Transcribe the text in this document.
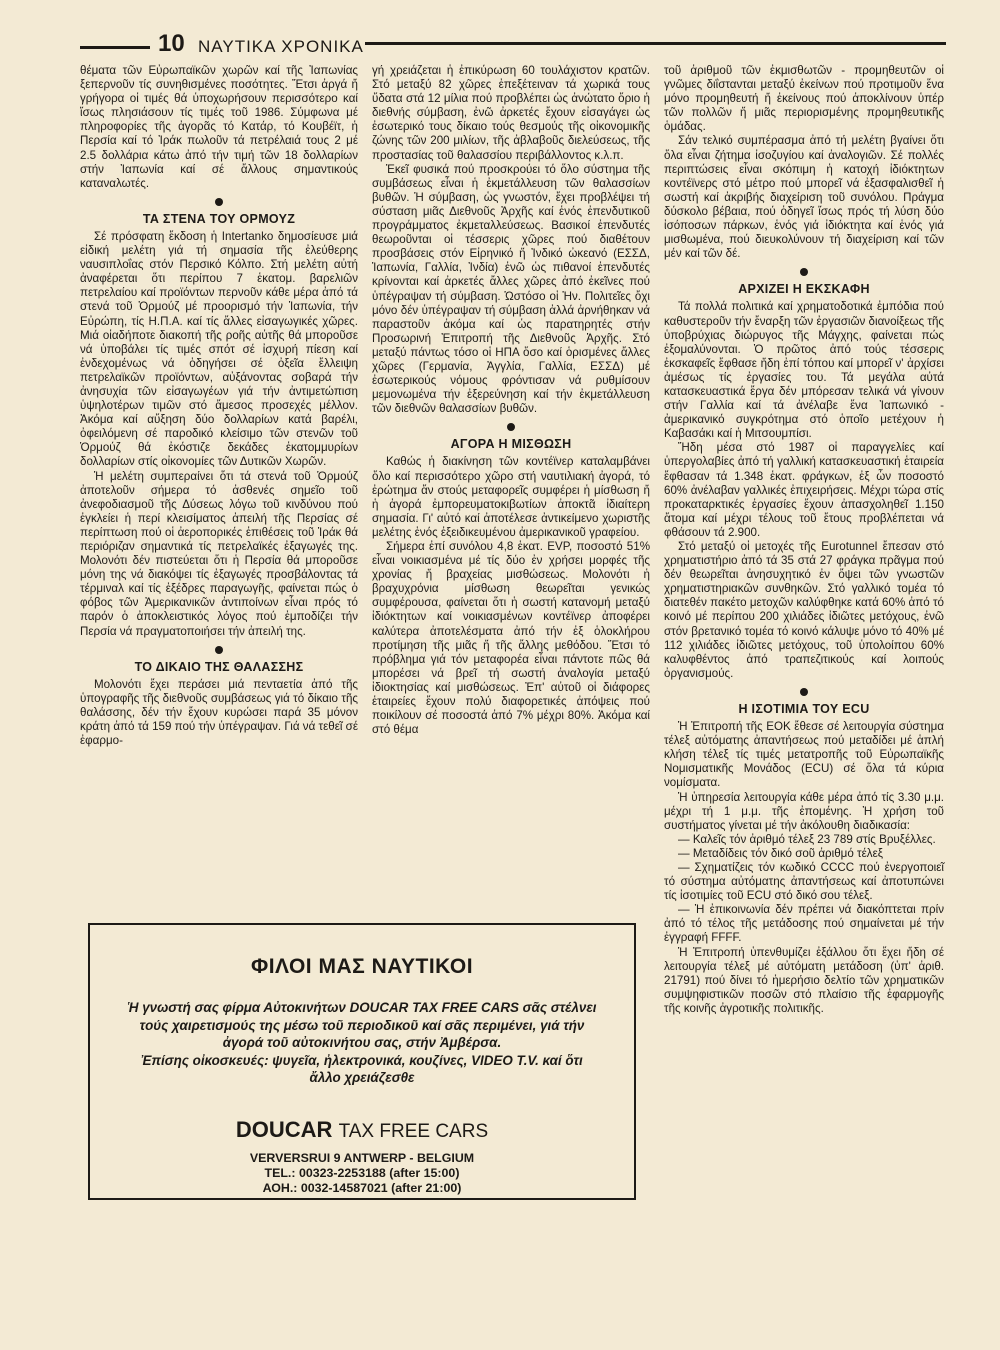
10 ΝΑΥΤΙΚΑ ΧΡΟΝΙΚΑ

θέματα τῶν Εὐρωπαϊκῶν χωρῶν καί τῆς Ἰαπωνίας ξεπερνοῦν τίς συνηθισμένες ποσότητες. Ἔτσι ἀργά ἤ γρήγορα οἱ τιμές θά ὑποχωρήσουν περισσότερο καί ἴσως πλησιάσουν τίς τιμές τοῦ 1986. Σύμφωνα μέ πληροφορίες τῆς ἀγορᾶς τό Κατάρ, τό Κουβέϊτ, ἡ Περσία καί τό Ἰράκ πωλοῦν τά πετρέλαιά τους 2 μέ 2.5 δολλάρια κάτω ἀπό τήν τιμή τῶν 18 δολλαρίων στήν Ἰαπωνία καί σέ ἄλλους σημαντικούς καταναλωτές.

ΤΑ ΣΤΕΝΑ ΤΟΥ ΟΡΜΟΥΖ

Σέ πρόσφατη ἔκδοση ἡ Intertanko δημοσίευσε μιά εἰδική μελέτη γιά τή σημασία τῆς ἐλεύθερης ναυσιπλοΐας στόν Περσικό Κόλπο. Στή μελέτη αὐτή ἀναφέρεται ὅτι περίπου 7 ἑκατομ. βαρελιῶν πετρελαίου καί προϊόντων περνοῦν κάθε μέρα ἀπό τά στενά τοῦ Ὁρμούζ μέ προορισμό τήν Ἰαπωνία, τήν Εὐρώπη, τίς Η.Π.Α. καί τίς ἄλλες εἰσαγωγικές χῶρες. Μιά οἱαδήποτε διακοπή τῆς ροῆς αὐτῆς θά μποροῦσε νά ὑποβάλει τίς τιμές σπότ σέ ἰσχυρή πίεση καί ἐνδεχομένως νά ὁδηγήσει σέ ὀξεῖα ἔλλειψη πετρελαϊκῶν προϊόντων, αὐξάνοντας σοβαρά τήν ἀνησυχία τῶν εἰσαγωγέων γιά τήν ἀντιμετώπιση ὑψηλοτέρων τιμῶν στό ἄμεσος προσεχές μέλλον. Ἀκόμα καί αὔξηση δύο δολλαρίων κατά βαρέλι, ὀφειλόμενη σέ παροδικό κλείσιμο τῶν στενῶν τοῦ Ὁρμούζ θά ἐκόστιζε δεκάδες ἑκατομμυρίων δολλαρίων στίς οἰκονομίες τῶν Δυτικῶν Χωρῶν.

Ἡ μελέτη συμπεραίνει ὅτι τά στενά τοῦ Ὁρμούζ ἀποτελοῦν σήμερα τό ἀσθενές σημεῖο τοῦ ἀνεφοδιασμοῦ τῆς Δύσεως λόγω τοῦ κινδύνου πού ἐγκλείει ἡ περί κλεισίματος ἀπειλή τῆς Περσίας σέ περίπτωση πού οἱ ἀεροπορικές ἐπιθέσεις τοῦ Ἰράκ θά περιόριζαν σημαντικά τίς πετρελαϊκές ἐξαγωγές της. Μολονότι δέν πιστεύεται ὅτι ἡ Περσία θά μποροῦσε μόνη της νά διακόψει τίς ἐξαγωγές προσβάλοντας τά τέρμιναλ καί τίς ἐξέδρες παραγωγῆς, φαίνεται πώς ὁ φόβος τῶν Ἀμερικανικῶν ἀντιποίνων εἶναι πρός τό παρόν ὁ ἀποκλειστικός λόγος πού ἐμποδίζει τήν Περσία νά πραγματοποιήσει τήν ἀπειλή της.

ΤΟ ΔΙΚΑΙΟ ΤΗΣ ΘΑΛΑΣΣΗΣ

Μολονότι ἔχει περάσει μιά πενταετία ἀπό τῆς ὑπογραφῆς τῆς διεθνοῦς συμβάσεως γιά τό δίκαιο τῆς θαλάσσης, δέν τήν ἔχουν κυρώσει παρά 35 μόνον κράτη ἀπό τά 159 πού τήν ὑπέγραψαν. Γιά νά τεθεῖ σέ ἐφαρμο-

γή χρειάζεται ἡ ἐπικύρωση 60 τουλάχιστον κρατῶν. Στό μεταξύ 82 χῶρες ἐπεξέτειναν τά χωρικά τους ὕδατα στά 12 μίλια πού προβλέπει ὡς ἀνώτατο ὅριο ἡ διεθνής σύμβαση, ἐνῶ ἀρκετές ἔχουν εἰσαγάγει ὡς ἐσωτερικό τους δίκαιο τούς θεσμούς τῆς οἰκονομικῆς ζώνης τῶν 200 μιλίων, τῆς ἀβλαβοῦς διελεύσεως, τῆς προστασίας τοῦ θαλασσίου περιβάλλοντος κ.λ.π.

Ἐκεῖ φυσικά πού προσκρούει τό ὅλο σύστημα τῆς συμβάσεως εἶναι ἡ ἐκμετάλλευση τῶν θαλασσίων βυθῶν. Ἡ σύμβαση, ὡς γνωστόν, ἔχει προβλέψει τή σύσταση μιᾶς Διεθνοῦς Ἀρχῆς καί ἑνός ἐπενδυτικοῦ προγράμματος ἐκμεταλλεύσεως. Βασικοί ἐπενδυτές θεωροῦνται οἱ τέσσερις χῶρες πού διαθέτουν προσβάσεις στόν Εἰρηνικό ἤ Ἰνδικό ὠκεανό (ΕΣΣΔ, Ἰαπωνία, Γαλλία, Ἰνδία) ἐνῶ ὡς πιθανοί ἐπενδυτές κρίνονται καί ἀρκετές ἄλλες χῶρες ἀπό ἐκεῖνες πού ὑπέγραψαν τή σύμβαση. Ὡστόσο οἱ Ἡν. Πολιτεῖες ὄχι μόνο δέν ὑπέγραψαν τή σύμβαση ἀλλά ἀρνήθηκαν νά παραστοῦν ἀκόμα καί ὡς παρατηρητές στήν Προσωρινή Ἐπιτροπή τῆς Διεθνοῦς Ἀρχῆς. Στό μεταξύ πάντως τόσο οἱ ΗΠΑ ὅσο καί ὁρισμένες ἄλλες χῶρες (Γερμανία, Ἀγγλία, Γαλλία, ΕΣΣΔ) μέ ἐσωτερικούς νόμους φρόντισαν νά ρυθμίσουν μεμονωμένα τήν ἐξερεύνηση καί τήν ἐκμετάλλευση τῶν διεθνῶν θαλασσίων βυθῶν.

ΑΓΟΡΑ Η ΜΙΣΘΩΣΗ

Καθώς ἡ διακίνηση τῶν κοντέϊνερ καταλαμβάνει ὅλο καί περισσότερο χῶρο στή ναυτιλιακή ἀγορά, τό ἐρώτημα ἄν στούς μεταφορεῖς συμφέρει ἡ μίσθωση ἤ ἡ ἀγορά ἐμπορευματοκιβωτίων ἀποκτᾶ ἰδιαίτερη σημασία. Γι' αὐτό καί ἀποτέλεσε ἀντικείμενο χωριστῆς μελέτης ἑνός ἐξειδικευμένου ἀμερικανικοῦ γραφείου.

Σήμερα ἐπί συνόλου 4,8 ἑκατ. EVP, ποσοστό 51% εἶναι νοικιασμένα μέ τίς δύο ἐν χρήσει μορφές τῆς χρονίας ἤ βραχείας μισθώσεως. Μολονότι ἡ βραχυχρόνια μίσθωση θεωρεῖται γενικώς συμφέρουσα, φαίνεται ὅτι ἡ σωστή κατανομή μεταξύ ἰδιόκτητων καί νοικιασμένων κοντέϊνερ ἀποφέρει καλύτερα ἀποτελέσματα ἀπό τήν ἐξ ὁλοκλήρου προτίμηση τῆς μιᾶς ἤ τῆς ἄλλης μεθόδου. Ἔτσι τό πρόβλημα γιά τόν μεταφορέα εἶναι πάντοτε πῶς θά μπορέσει νά βρεῖ τή σωστή ἀναλογία μεταξύ ἰδιοκτησίας καί μισθώσεως. Ἐπ' αὐτοῦ οἱ διάφορες ἑταιρείες ἔχουν πολύ διαφορετικές ἀπόψεις πού ποικίλουν σέ ποσοστά ἀπό 7% μέχρι 80%. Ἀκόμα καί στό θέμα

τοῦ ἀριθμοῦ τῶν ἐκμισθωτῶν - προμηθευτῶν οἱ γνῶμες διΐστανται μεταξύ ἐκείνων πού προτιμοῦν ἕνα μόνο προμηθευτή ἤ ἐκείνους πού ἀποκλίνουν ὑπέρ τῶν πολλῶν ἤ μιᾶς περιορισμένης προμηθευτικῆς ὁμάδας.

Σάν τελικό συμπέρασμα ἀπό τή μελέτη βγαίνει ὅτι ὅλα εἶναι ζήτημα ἰσοζυγίου καί ἀναλογιῶν. Σέ πολλές περιπτώσεις εἶναι σκόπιμη ἡ κατοχή ἰδιόκτητων κοντέϊνερς στό μέτρο πού μπορεῖ νά ἐξασφαλισθεῖ ἡ σωστή καί ἀκριβής διαχείριση τοῦ συνόλου. Πράγμα δύσκολο βέβαια, πού ὁδηγεῖ ἴσως πρός τή λύση δύο ἰσόποσων πάρκων, ἑνός γιά ἰδιόκτητα καί ἑνός γιά μισθωμένα, πού διευκολύνουν τή διαχείριση καί τῶν μέν καί τῶν δέ.

ΑΡΧΙΖΕΙ Η ΕΚΣΚΑΦΗ

Τά πολλά πολιτικά καί χρηματοδοτικά ἐμπόδια πού καθυστεροῦν τήν ἔναρξη τῶν ἐργασιῶν διανοίξεως τῆς ὑποβρύχιας διώρυγος τῆς Μάγχης, φαίνεται πώς ἐξομαλύνονται. Ὁ πρῶτος ἀπό τούς τέσσερις ἐκσκαφεῖς ἔφθασε ἤδη ἐπί τόπου καί μπορεῖ ν' ἀρχίσει ἀμέσως τίς ἐργασίες του. Τά μεγάλα αὐτά κατασκευαστικά ἔργα δέν μπόρεσαν τελικά νά γίνουν στήν Γαλλία καί τά ἀνέλαβε ἕνα Ἰαπωνικό - ἀμερικανικό συγκρότημα στό ὁποῖο μετέχουν ἡ Καβασάκι καί ἡ Μιτσουμπίσι.

Ἤδη μέσα στό 1987 οἱ παραγγελίες καί ὑπεργολαβίες ἀπό τή γαλλική κατασκευαστική ἑταιρεία ἔφθασαν τά 1.348 ἑκατ. φράγκων, ἐξ ὧν ποσοστό 60% ἀνέλαβαν γαλλικές ἐπιχειρήσεις. Μέχρι τώρα στίς προκαταρκτικές ἐργασίες ἔχουν ἀπασχοληθεῖ 1.150 ἄτομα καί μέχρι τέλους τοῦ ἔτους προβλέπεται νά φθάσουν τά 2.900.

Στό μεταξύ οἱ μετοχές τῆς Eurotunnel ἔπεσαν στό χρηματιστήριο ἀπό τά 35 στά 27 φράγκα πρᾶγμα πού δέν θεωρεῖται ἀνησυχητικό ἐν ὄψει τῶν γνωστῶν χρηματιστηριακῶν συνθηκῶν. Στό γαλλικό τομέα τό διατεθέν πακέτο μετοχῶν καλύφθηκε κατά 60% ἀπό τό κοινό μέ περίπου 200 χιλιάδες ἰδιῶτες μετόχους, ἐνῶ στόν βρετανικό τομέα τό κοινό κάλυψε μόνο τό 40% μέ 112 χιλιάδες ἰδιῶτες μετόχους, τοῦ ὑπολοίπου 60% καλυφθέντος ἀπό τραπεζιτικούς καί λοιπούς ὀργανισμούς.

Η ΙΣΟΤΙΜΙΑ ΤΟΥ ECU

Ἡ Ἐπιτροπή τῆς ΕΟΚ ἔθεσε σέ λειτουργία σύστημα τέλεξ αὐτόματης ἀπαντήσεως πού μεταδίδει μέ ἁπλή κλήση τέλεξ τίς τιμές μετατροπῆς τοῦ Εὐρωπαϊκῆς Νομισματικῆς Μονάδος (ECU) σέ ὅλα τά κύρια νομίσματα.

Ἡ ὑπηρεσία λειτουργία κάθε μέρα ἀπό τίς 3.30 μ.μ. μέχρι τή 1 μ.μ. τῆς ἐπομένης. Ἡ χρήση τοῦ συστήματος γίνεται μέ τήν ἀκόλουθη διαδικασία:

— Καλεῖς τόν ἀριθμό τέλεξ 23 789 στίς Βρυξέλλες.

— Μεταδίδεις τόν δικό σοῦ ἀριθμό τέλεξ

— Σχηματίζεις τόν κωδικό CCCC πού ἐνεργοποιεῖ τό σύστημα αὐτόματης ἀπαντήσεως καί ἀποτυπώνει τίς ἰσοτιμίες τοῦ ECU στό δικό σου τέλεξ.

— Ἡ ἐπικοινωνία δέν πρέπει νά διακόπτεται πρίν ἀπό τό τέλος τῆς μετάδοσης πού σημαίνεται μέ τήν ἐγγραφή FFFF.

Ἡ Ἐπιτροπή ὑπενθυμίζει ἐξάλλου ὅτι ἔχει ἤδη σέ λειτουργία τέλεξ μέ αὐτόματη μετάδοση (ὑπ' ἀριθ. 21791) πού δίνει τό ἡμερήσιο δελτίο τῶν χρηματικῶν συμψηφιστικῶν ποσῶν στό πλαίσιο τῆς ἐφαρμογῆς τῆς κοινῆς ἀγροτικῆς πολιτικῆς.

ΦΙΛΟΙ ΜΑΣ ΝΑΥΤΙΚΟΙ
Ἡ γνωστή σας φίρμα Αὐτοκινήτων DOUCAR TAX FREE CARS σᾶς στέλνει τούς χαιρετισμούς της μέσω τοῦ περιοδικοῦ καί σᾶς περιμένει, γιά τήν ἀγορά τοῦ αὐτοκινήτου σας, στήν Ἀμβέρσα.
Ἐπίσης οἰκοσκευές: ψυγεῖα, ἠλεκτρονικά, κουζίνες, VIDEO T.V. καί ὅτι ἄλλο χρειάζεσθε
DOUCAR TAX FREE CARS
VERVERSRUI 9 ANTWERP - BELGIUM
TEL.: 00323-2253188 (after 15:00)
ΑΟΗ.: 0032-14587021 (after 21:00)
